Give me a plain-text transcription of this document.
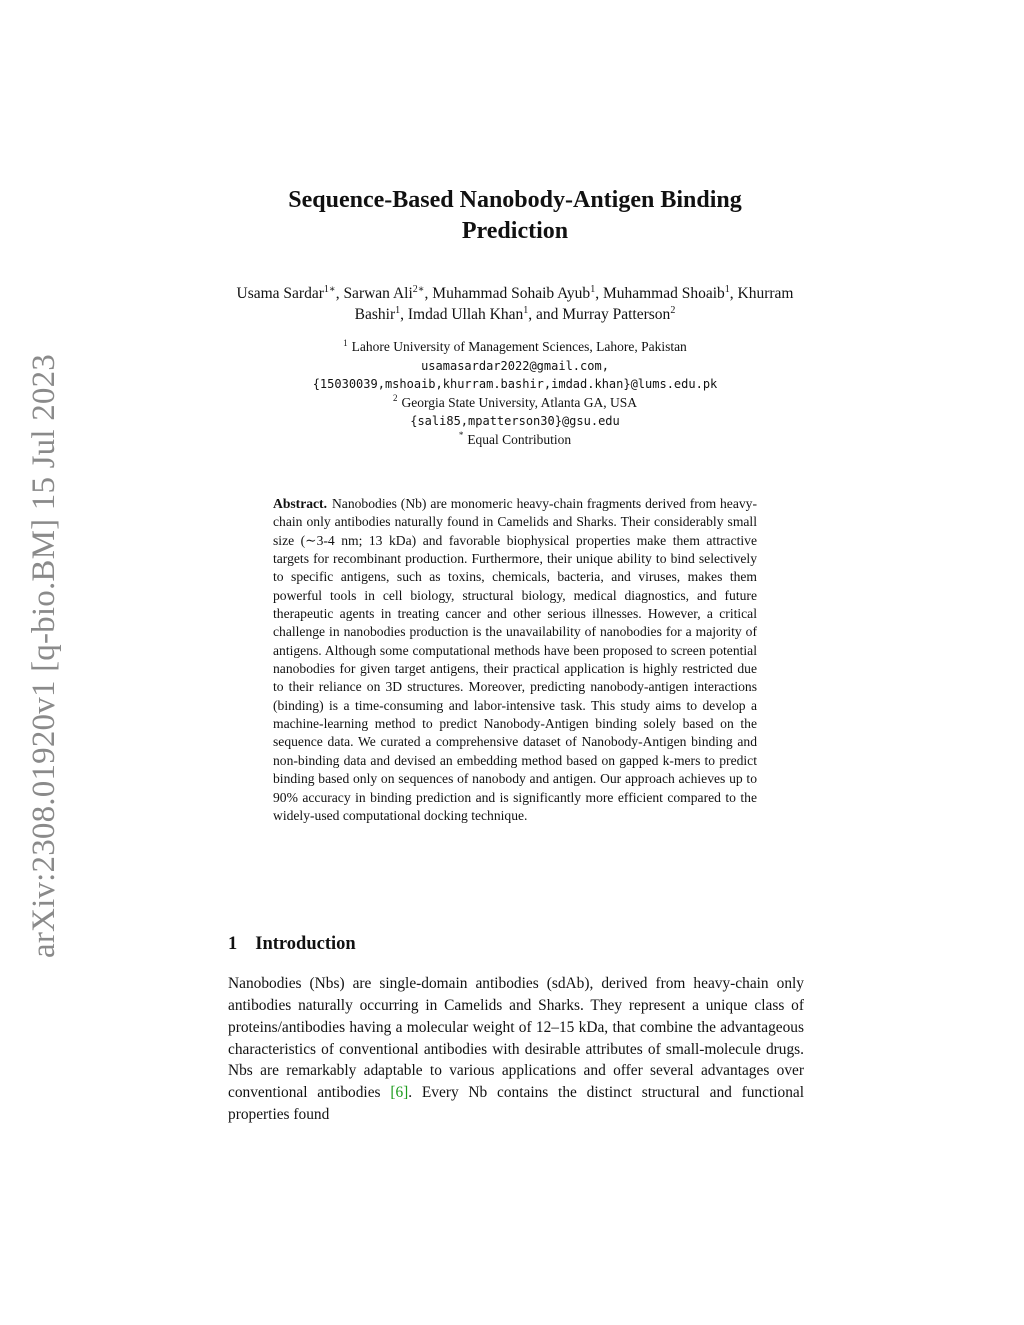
arXiv:2308.01920v1 [q-bio.BM] 15 Jul 2023
Sequence-Based Nanobody-Antigen Binding
Prediction
Usama Sardar$^{1∗}$, Sarwan Ali$^{2∗}$, Muhammad Sohaib Ayub$^1$, Muhammad Shoaib$^1$, Khurram Bashir$^1$, Imdad Ullah Khan$^1$, and Murray Patterson$^2$
$^1$ Lahore University of Management Sciences, Lahore, Pakistan
usamasardar2022@gmail.com,
{15030039,mshoaib,khurram.bashir,imdad.khan}@lums.edu.pk
$^2$ Georgia State University, Atlanta GA, USA
{sali85,mpatterson30}@gsu.edu
* Equal Contribution
Abstract. Nanobodies (Nb) are monomeric heavy-chain fragments derived from heavy-chain only antibodies naturally found in Camelids and Sharks. Their considerably small size (∼3-4 nm; 13 kDa) and favorable biophysical properties make them attractive targets for recombinant production. Furthermore, their unique ability to bind selectively to specific antigens, such as toxins, chemicals, bacteria, and viruses, makes them powerful tools in cell biology, structural biology, medical diagnostics, and future therapeutic agents in treating cancer and other serious illnesses. However, a critical challenge in nanobodies production is the unavailability of nanobodies for a majority of antigens. Although some computational methods have been proposed to screen potential nanobodies for given target antigens, their practical application is highly restricted due to their reliance on 3D structures. Moreover, predicting nanobody-antigen interactions (binding) is a time-consuming and labor-intensive task. This study aims to develop a machine-learning method to predict Nanobody-Antigen binding solely based on the sequence data. We curated a comprehensive dataset of Nanobody-Antigen binding and non-binding data and devised an embedding method based on gapped k-mers to predict binding based only on sequences of nanobody and antigen. Our approach achieves up to 90% accuracy in binding prediction and is significantly more efficient compared to the widely-used computational docking technique.
1 Introduction
Nanobodies (Nbs) are single-domain antibodies (sdAb), derived from heavy-chain only antibodies naturally occurring in Camelids and Sharks. They represent a unique class of proteins/antibodies having a molecular weight of 12–15 kDa, that combine the advantageous characteristics of conventional antibodies with desirable attributes of small-molecule drugs. Nbs are remarkably adaptable to various applications and offer several advantages over conventional antibodies [6]. Every Nb contains the distinct structural and functional properties found
